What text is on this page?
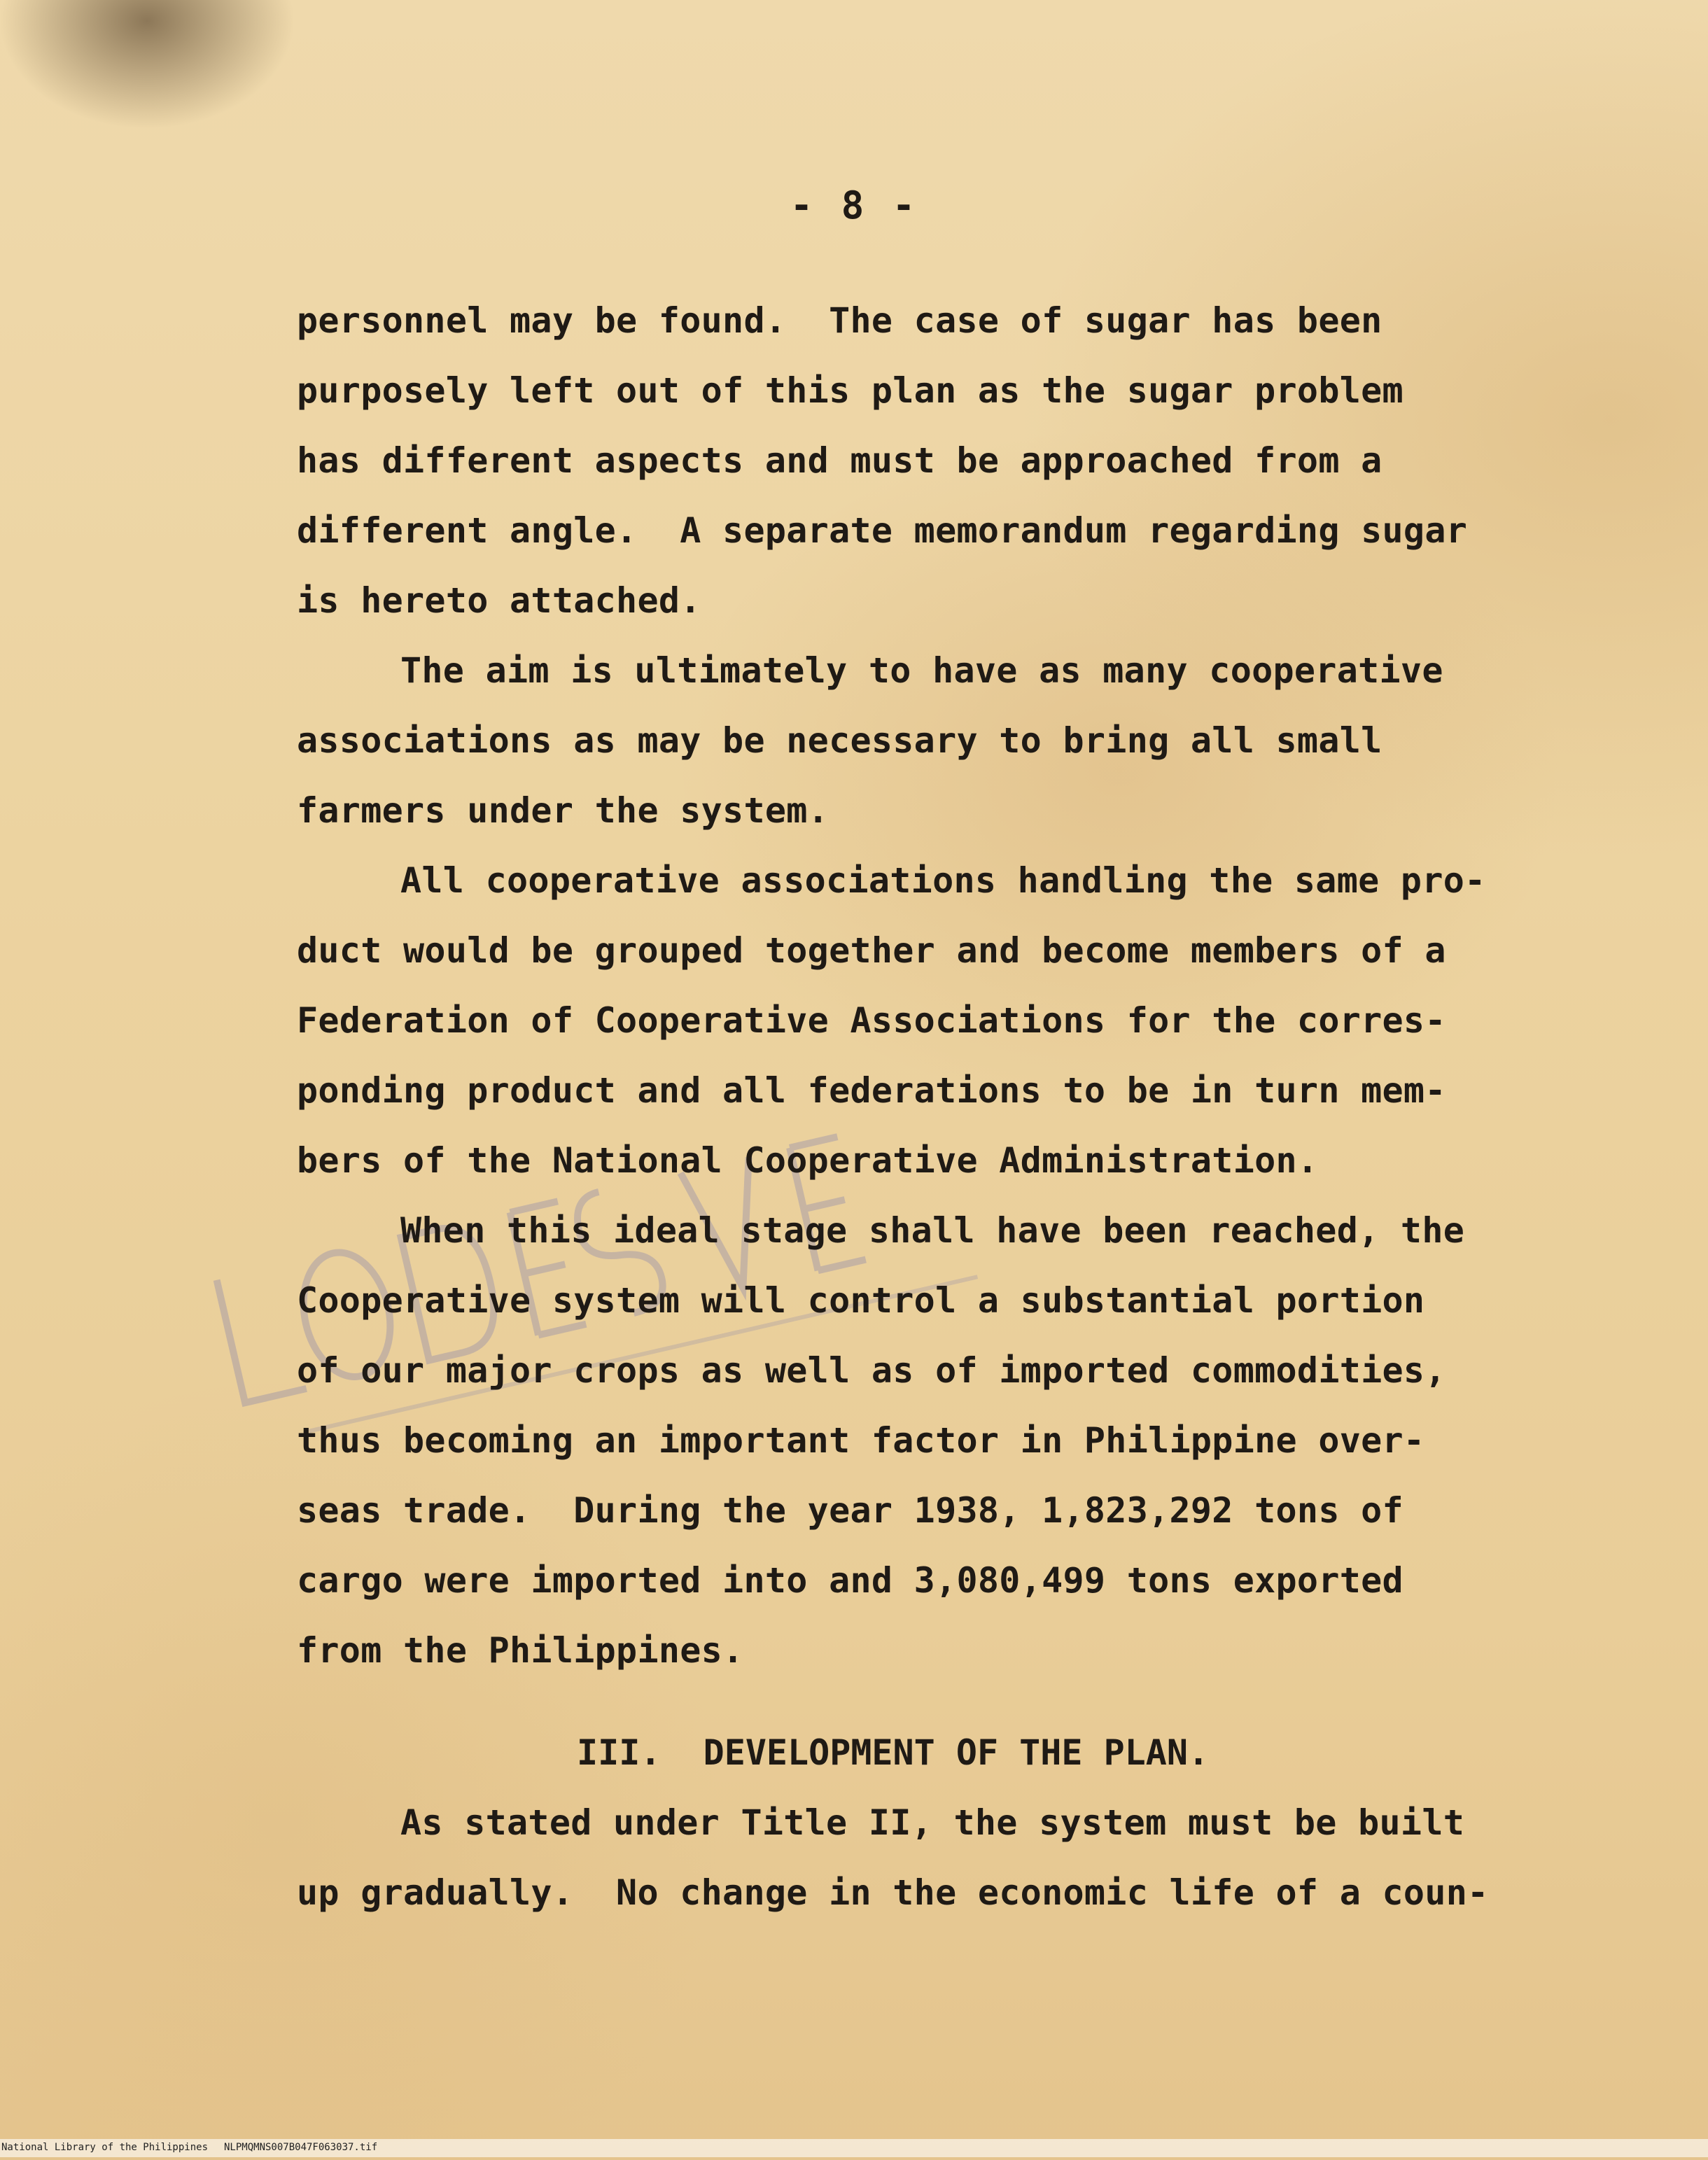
- 8 -
personnel may be found.  The case of sugar has been
purposely left out of this plan as the sugar problem
has different aspects and must be approached from a
different angle.  A separate memorandum regarding sugar
is hereto attached.
The aim is ultimately to have as many cooperative
associations as may be necessary to bring all small
farmers under the system.
All cooperative associations handling the same pro-
duct would be grouped together and become members of a
Federation of Cooperative Associations for the corres-
ponding product and all federations to be in turn mem-
bers of the National Cooperative Administration.
When this ideal stage shall have been reached, the
Cooperative system will control a substantial portion
of our major crops as well as of imported commodities,
thus becoming an important factor in Philippine over-
seas trade.  During the year 1938, 1,823,292 tons of
cargo were imported into and 3,080,499 tons exported
from the Philippines.
III.  DEVELOPMENT OF THE PLAN.
As stated under Title II, the system must be built
up gradually.  No change in the economic life of a coun-
National Library of the Philippines NLPMQMNS007B047F063037.tif
